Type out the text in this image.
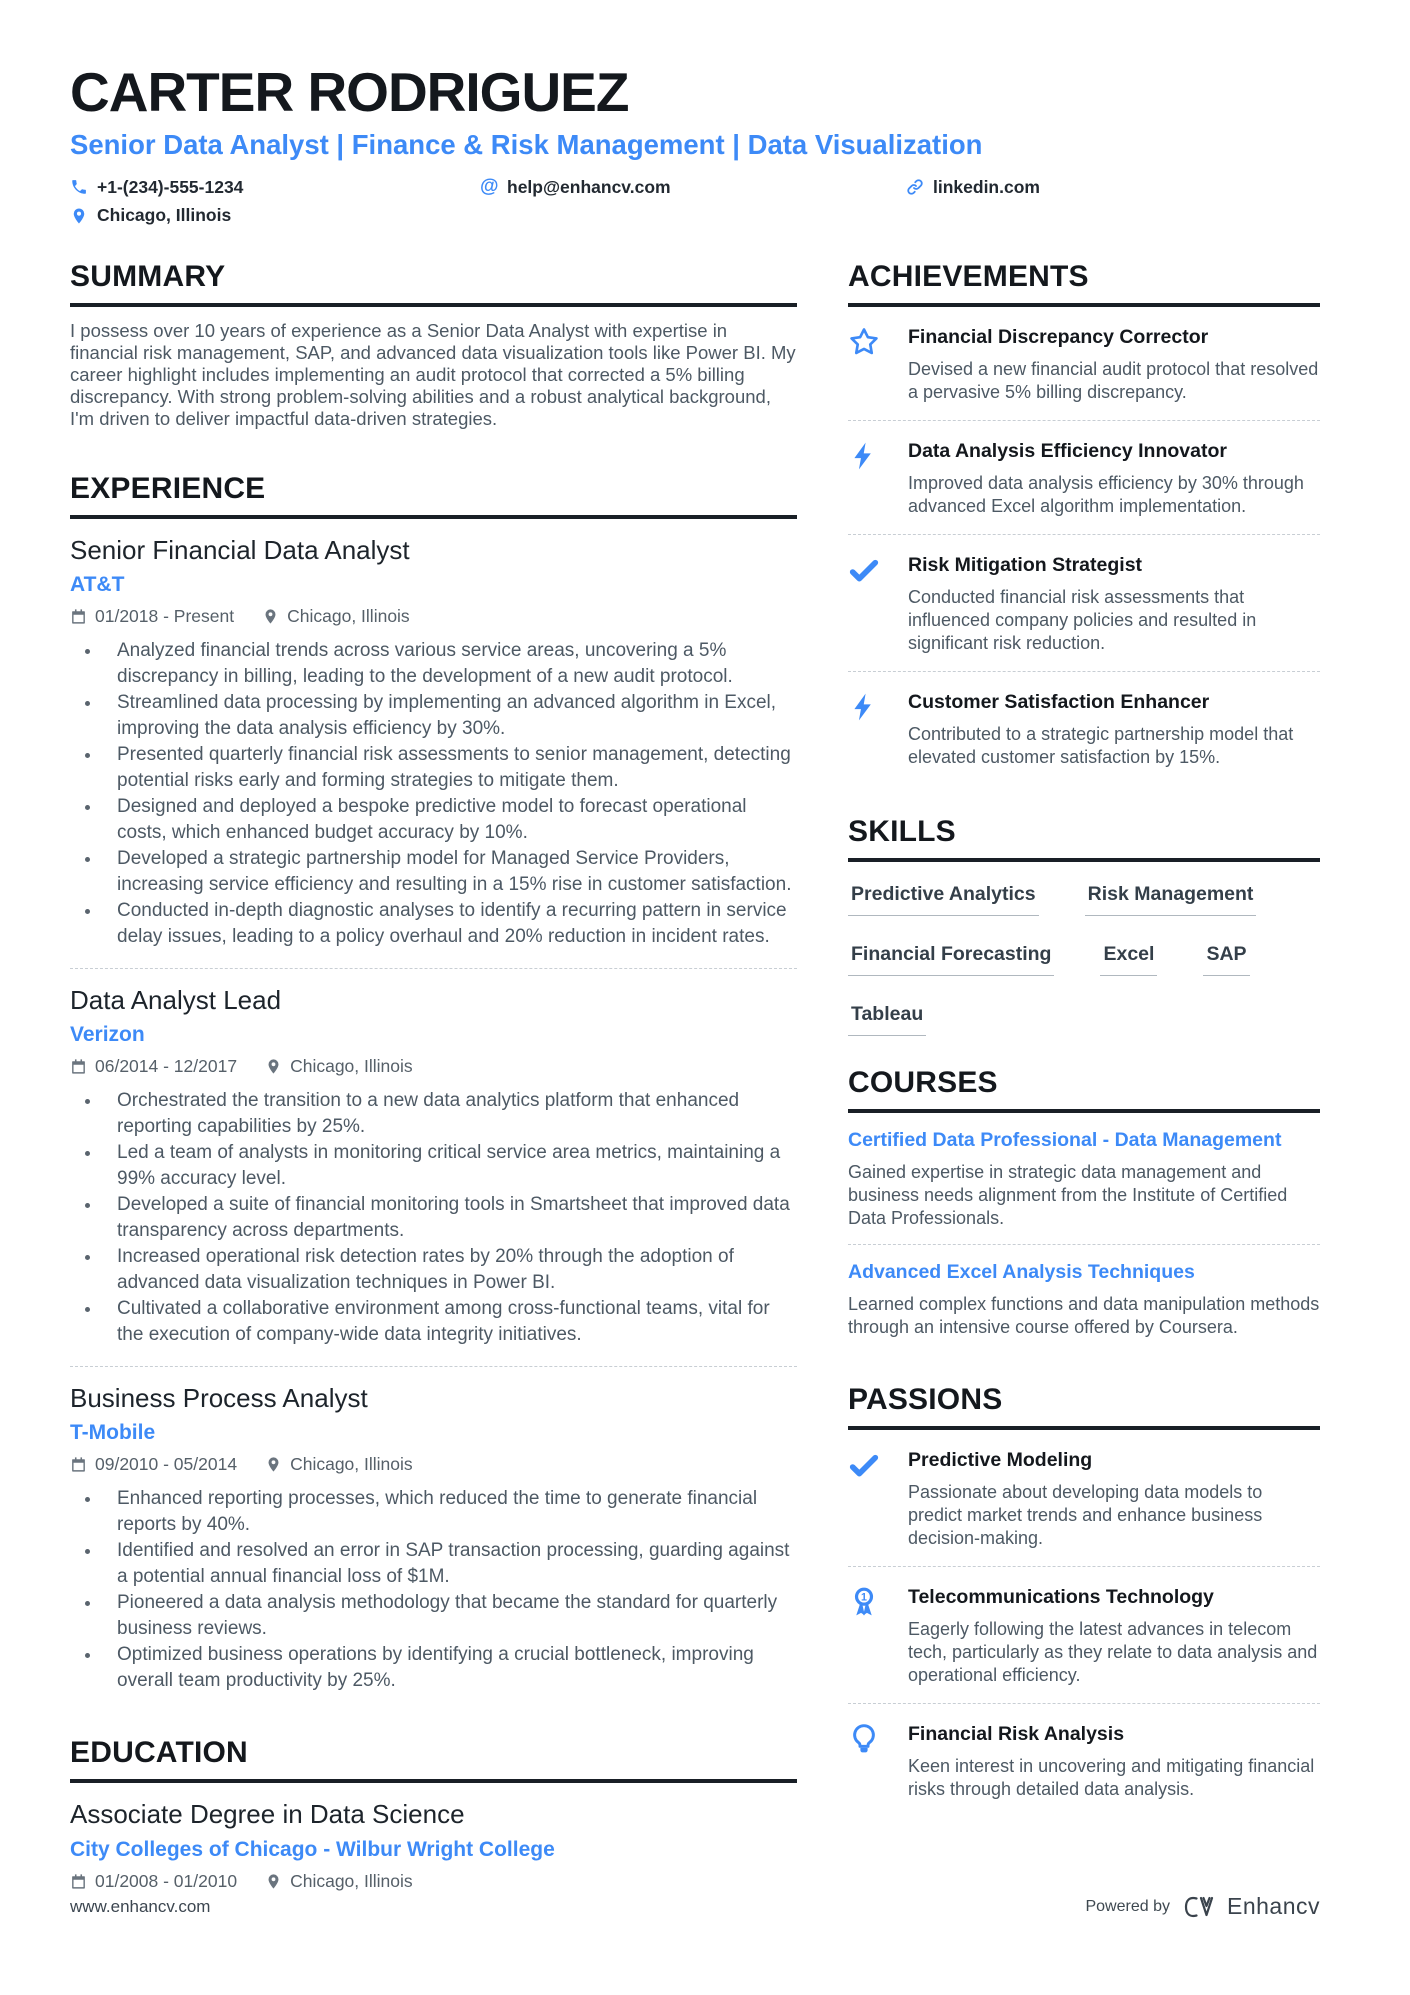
CARTER RODRIGUEZ
Senior Data Analyst | Finance & Risk Management | Data Visualization
+1-(234)-555-1234	@ help@enhancv.com	linkedin.com
Chicago, Illinois
SUMMARY
I possess over 10 years of experience as a Senior Data Analyst with expertise in financial risk management, SAP, and advanced data visualization tools like Power BI. My career highlight includes implementing an audit protocol that corrected a 5% billing discrepancy. With strong problem-solving abilities and a robust analytical background, I'm driven to deliver impactful data-driven strategies.
EXPERIENCE
Senior Financial Data Analyst
AT&T
01/2018 - Present	Chicago, Illinois
Analyzed financial trends across various service areas, uncovering a 5% discrepancy in billing, leading to the development of a new audit protocol.
Streamlined data processing by implementing an advanced algorithm in Excel, improving the data analysis efficiency by 30%.
Presented quarterly financial risk assessments to senior management, detecting potential risks early and forming strategies to mitigate them.
Designed and deployed a bespoke predictive model to forecast operational costs, which enhanced budget accuracy by 10%.
Developed a strategic partnership model for Managed Service Providers, increasing service efficiency and resulting in a 15% rise in customer satisfaction.
Conducted in-depth diagnostic analyses to identify a recurring pattern in service delay issues, leading to a policy overhaul and 20% reduction in incident rates.
Data Analyst Lead
Verizon
06/2014 - 12/2017	Chicago, Illinois
Orchestrated the transition to a new data analytics platform that enhanced reporting capabilities by 25%.
Led a team of analysts in monitoring critical service area metrics, maintaining a 99% accuracy level.
Developed a suite of financial monitoring tools in Smartsheet that improved data transparency across departments.
Increased operational risk detection rates by 20% through the adoption of advanced data visualization techniques in Power BI.
Cultivated a collaborative environment among cross-functional teams, vital for the execution of company-wide data integrity initiatives.
Business Process Analyst
T-Mobile
09/2010 - 05/2014	Chicago, Illinois
Enhanced reporting processes, which reduced the time to generate financial reports by 40%.
Identified and resolved an error in SAP transaction processing, guarding against a potential annual financial loss of $1M.
Pioneered a data analysis methodology that became the standard for quarterly business reviews.
Optimized business operations by identifying a crucial bottleneck, improving overall team productivity by 25%.
EDUCATION
Associate Degree in Data Science
City Colleges of Chicago - Wilbur Wright College
01/2008 - 01/2010	Chicago, Illinois
ACHIEVEMENTS
Financial Discrepancy Corrector
Devised a new financial audit protocol that resolved a pervasive 5% billing discrepancy.
Data Analysis Efficiency Innovator
Improved data analysis efficiency by 30% through advanced Excel algorithm implementation.
Risk Mitigation Strategist
Conducted financial risk assessments that influenced company policies and resulted in significant risk reduction.
Customer Satisfaction Enhancer
Contributed to a strategic partnership model that elevated customer satisfaction by 15%.
SKILLS
Predictive Analytics	Risk Management
Financial Forecasting	Excel	SAP
Tableau
COURSES
Certified Data Professional - Data Management
Gained expertise in strategic data management and business needs alignment from the Institute of Certified Data Professionals.
Advanced Excel Analysis Techniques
Learned complex functions and data manipulation methods through an intensive course offered by Coursera.
PASSIONS
Predictive Modeling
Passionate about developing data models to predict market trends and enhance business decision-making.
1 Telecommunications Technology
Eagerly following the latest advances in telecom tech, particularly as they relate to data analysis and operational efficiency.
Financial Risk Analysis
Keen interest in uncovering and mitigating financial risks through detailed data analysis.
www.enhancv.com	Powered by Enhancv
